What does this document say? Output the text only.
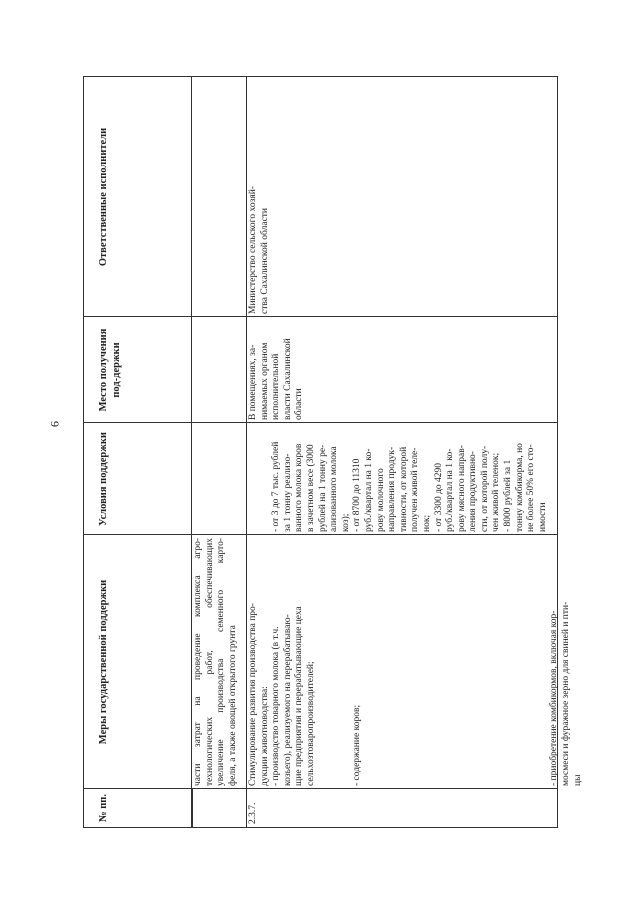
9
№ пп.
Меры государственной поддержки
Условия поддержки
Место получения под-держки
Ответственные исполнители
части затрат на проведение комплекса агро- технологических работ, обеспечивающих увеличение производства семенного карто- феля, а также овощей открытого грунта
2.3.7.
Стимулирование развития производства про- дукции животноводства: - производство товарного молока (в т.ч. козьего), реализуемого на перерабатываю- щие предприятия и перерабатывающие цеха сельхозтоваропроизводителей;

	- содержание коров;

	- приобретение комбикормов, включая кор- мосмеси и фуражное зерно для свиней и пти- цы

- от 3 до 7 тыс. рублей за 1 тонну реализо- ванного молока коров в зачетном весе (3000 рублей на 1 тонну ре- ализованного молока коз); - от 8700 до 11310 руб./квартал на 1 ко- рову молочного направления продук- тивности, от которой получен живой теле- нок; - от 3300 до 4290 руб./квартал на 1 ко- рову мясного направ- ления продуктивно- сти, от которой полу- чен живой теленок; - 8000 рублей за 1 тонну комбикорма, но не более 50% его сто- имости
В помещениях, за- нимаемых органом исполнительной власти Сахалинской области
Министерство сельского хозяй- ства Сахалинской области
